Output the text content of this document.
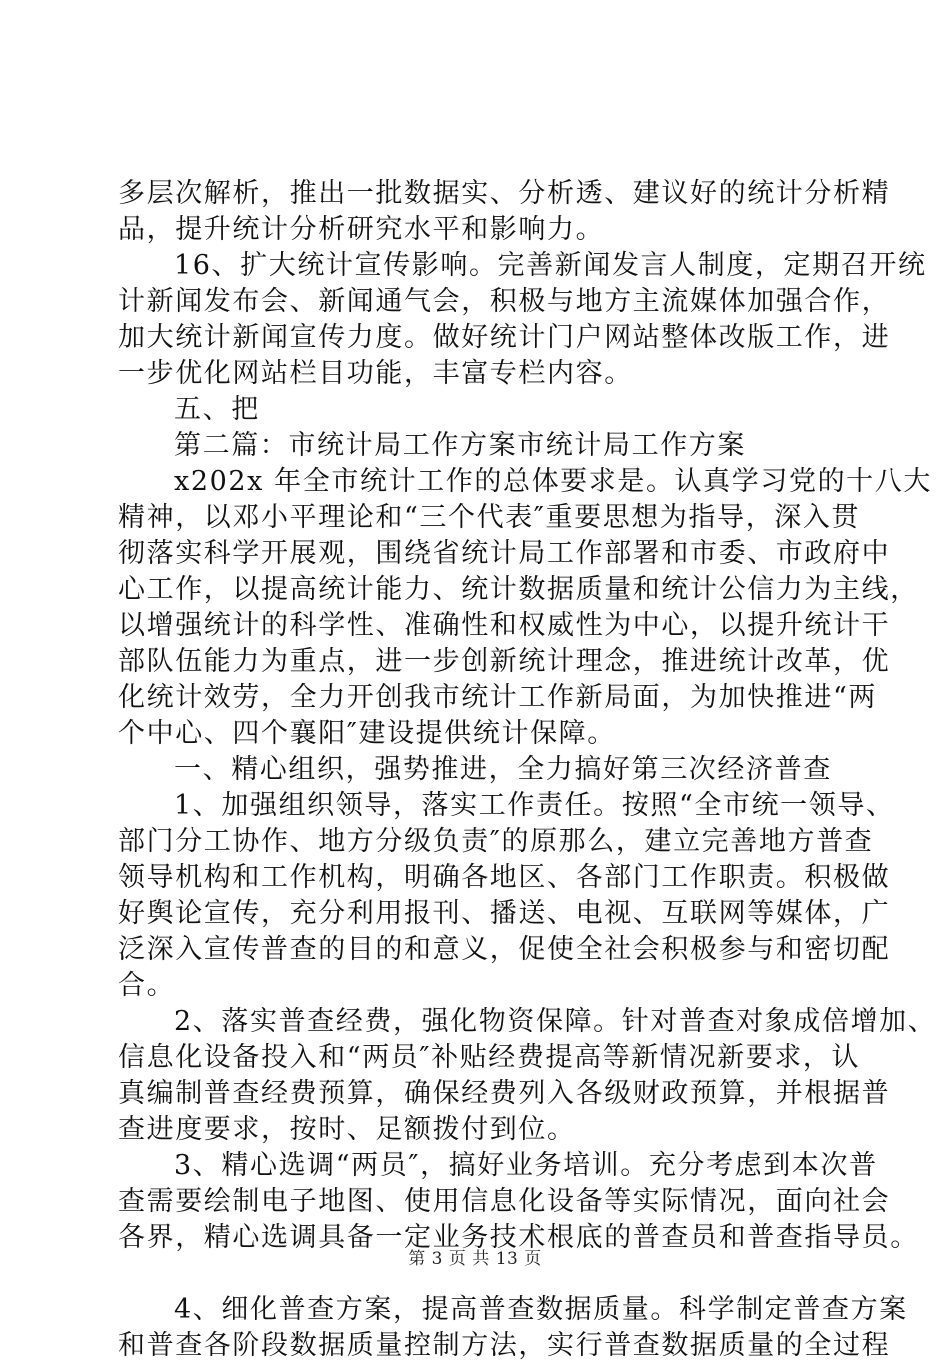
多层次解析，推出一批数据实、分析透、建议好的统计分析精
品，提升统计分析研究水平和影响力。
16、扩大统计宣传影响。完善新闻发言人制度，定期召开统
计新闻发布会、新闻通气会，积极与地方主流媒体加强合作，
加大统计新闻宣传力度。做好统计门户网站整体改版工作，进
一步优化网站栏目功能，丰富专栏内容。
五、把
第二篇：市统计局工作方案市统计局工作方案
x202x 年全市统计工作的总体要求是。认真学习党的十八大
精神，以邓小平理论和“三个代表″重要思想为指导，深入贯
彻落实科学开展观，围绕省统计局工作部署和市委、市政府中
心工作，以提高统计能力、统计数据质量和统计公信力为主线，
以增强统计的科学性、准确性和权威性为中心，以提升统计干
部队伍能力为重点，进一步创新统计理念，推进统计改革，优
化统计效劳，全力开创我市统计工作新局面，为加快推进“两
个中心、四个襄阳″建设提供统计保障。
一、精心组织，强势推进，全力搞好第三次经济普查
1、加强组织领导，落实工作责任。按照“全市统一领导、
部门分工协作、地方分级负责″的原那么，建立完善地方普查
领导机构和工作机构，明确各地区、各部门工作职责。积极做
好舆论宣传，充分利用报刊、播送、电视、互联网等媒体，广
泛深入宣传普查的目的和意义，促使全社会积极参与和密切配
合。
2、落实普查经费，强化物资保障。针对普查对象成倍增加、
信息化设备投入和“两员″补贴经费提高等新情况新要求，认
真编制普查经费预算，确保经费列入各级财政预算，并根据普
查进度要求，按时、足额拨付到位。
3、精心选调“两员″，搞好业务培训。充分考虑到本次普
查需要绘制电子地图、使用信息化设备等实际情况，面向社会
各界，精心选调具备一定业务技术根底的普查员和普查指导员。
4、细化普查方案，提高普查数据质量。科学制定普查方案
和普查各阶段数据质量控制方法，实行普查数据质量的全过程
第 3 页 共 13 页
